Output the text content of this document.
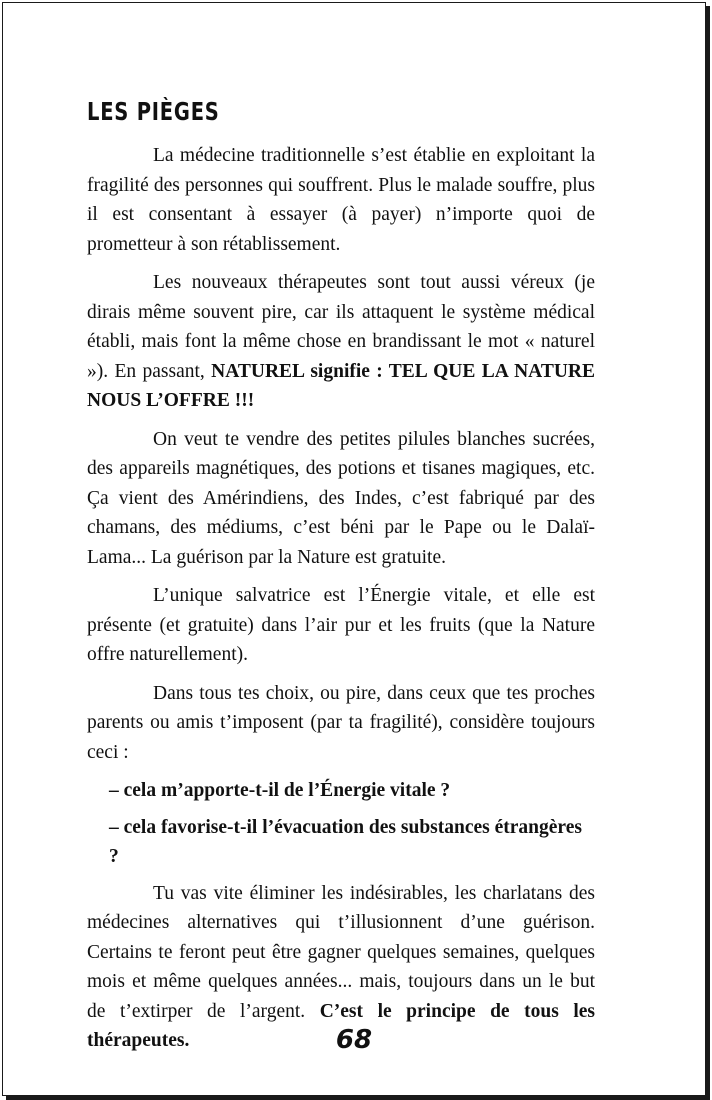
LES PIÈGES

La médecine traditionnelle s’est établie en exploitant la fragilité des personnes qui souffrent. Plus le malade souffre, plus il est consentant à essayer (à payer) n’importe quoi de prometteur à son rétablissement.

Les nouveaux thérapeutes sont tout aussi véreux (je dirais même souvent pire, car ils attaquent le système médical établi, mais font la même chose en brandissant le mot « naturel »). En passant, NATUREL signifie : TEL QUE LA NATURE NOUS L’OFFRE !!!

On veut te vendre des petites pilules blanches sucrées, des appareils magnétiques, des potions et tisanes magiques, etc. Ça vient des Amérindiens, des Indes, c’est fabriqué par des chamans, des médiums, c’est béni par le Pape ou le Dalaï-Lama... La guérison par la Nature est gratuite.

L’unique salvatrice est l’Énergie vitale, et elle est présente (et gratuite) dans l’air pur et les fruits (que la Nature offre naturellement).

Dans tous tes choix, ou pire, dans ceux que tes proches parents ou amis t’imposent (par ta fragilité), considère toujours ceci :

– cela m’apporte-t-il de l’Énergie vitale ?
– cela favorise-t-il l’évacuation des substances étrangères ?

Tu vas vite éliminer les indésirables, les charlatans des médecines alternatives qui t’illusionnent d’une guérison. Certains te feront peut être gagner quelques semaines, quelques mois et même quelques années... mais, toujours dans un le but de t’extirper de l’argent. C’est le principe de tous les thérapeutes.	68
